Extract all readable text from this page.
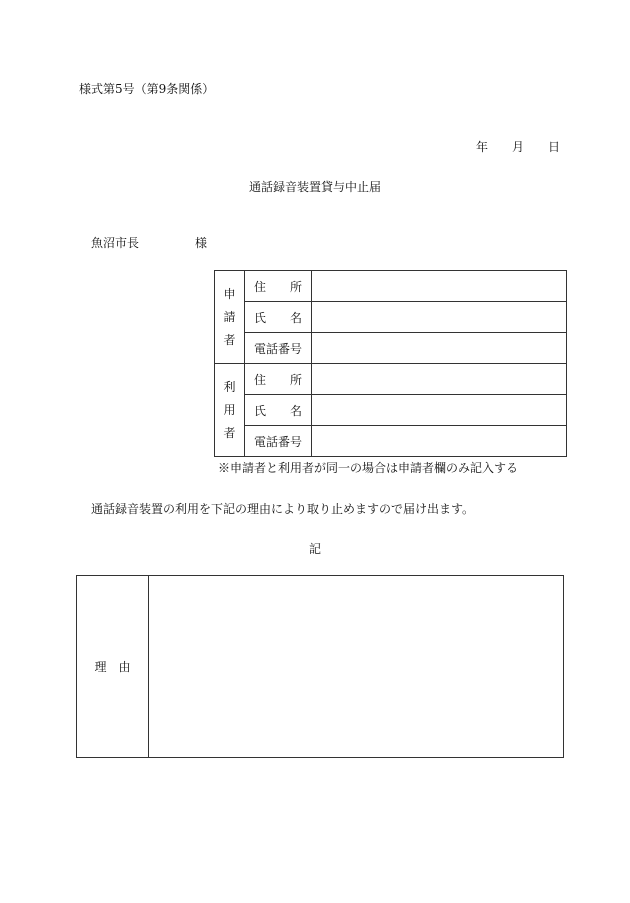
様式第5号（第9条関係）
年 月 日
通話録音装置貸与中止届
魚沼市長	様
申
請
者	住　所	
	氏　名	
	電話番号	

利
用
者	住　所	
	氏　名	
	電話番号	
※申請者と利用者が同一の場合は申請者欄のみ記入する
通話録音装置の利用を下記の理由により取り止めますので届け出ます。
記
理　由	
